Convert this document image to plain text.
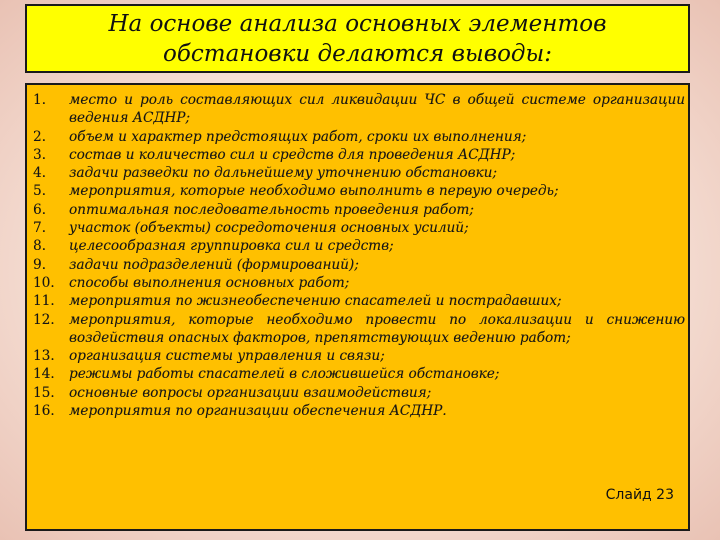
На основе анализа основных элементов обстановки делаются выводы:
1.	место и роль составляющих сил ликвидации ЧС в общей системе организации ведения АСДНР;
2.	объем и характер предстоящих работ, сроки их выполнения;
3.	состав и количество сил и средств для проведения АСДНР;
4.	задачи разведки по дальнейшему уточнению обстановки;
5.	мероприятия, которые необходимо выполнить в первую очередь;
6.	оптимальная последовательность проведения работ;
7.	участок (объекты) сосредоточения основных усилий;
8.	целесообразная группировка сил и средств;
9.	задачи подразделений (формирований);
10.	способы выполнения основных работ;
11.	мероприятия по жизнеобеспечению спасателей и пострадавших;
12.	мероприятия, которые необходимо провести по локализации и снижению воздействия опасных факторов, препятствующих ведению работ;
13.	организация системы управления и связи;
14.	режимы работы спасателей в сложившейся обстановке;
15.	основные вопросы организации взаимодействия;
16.	мероприятия по организации обеспечения АСДНР.
Слайд 23
